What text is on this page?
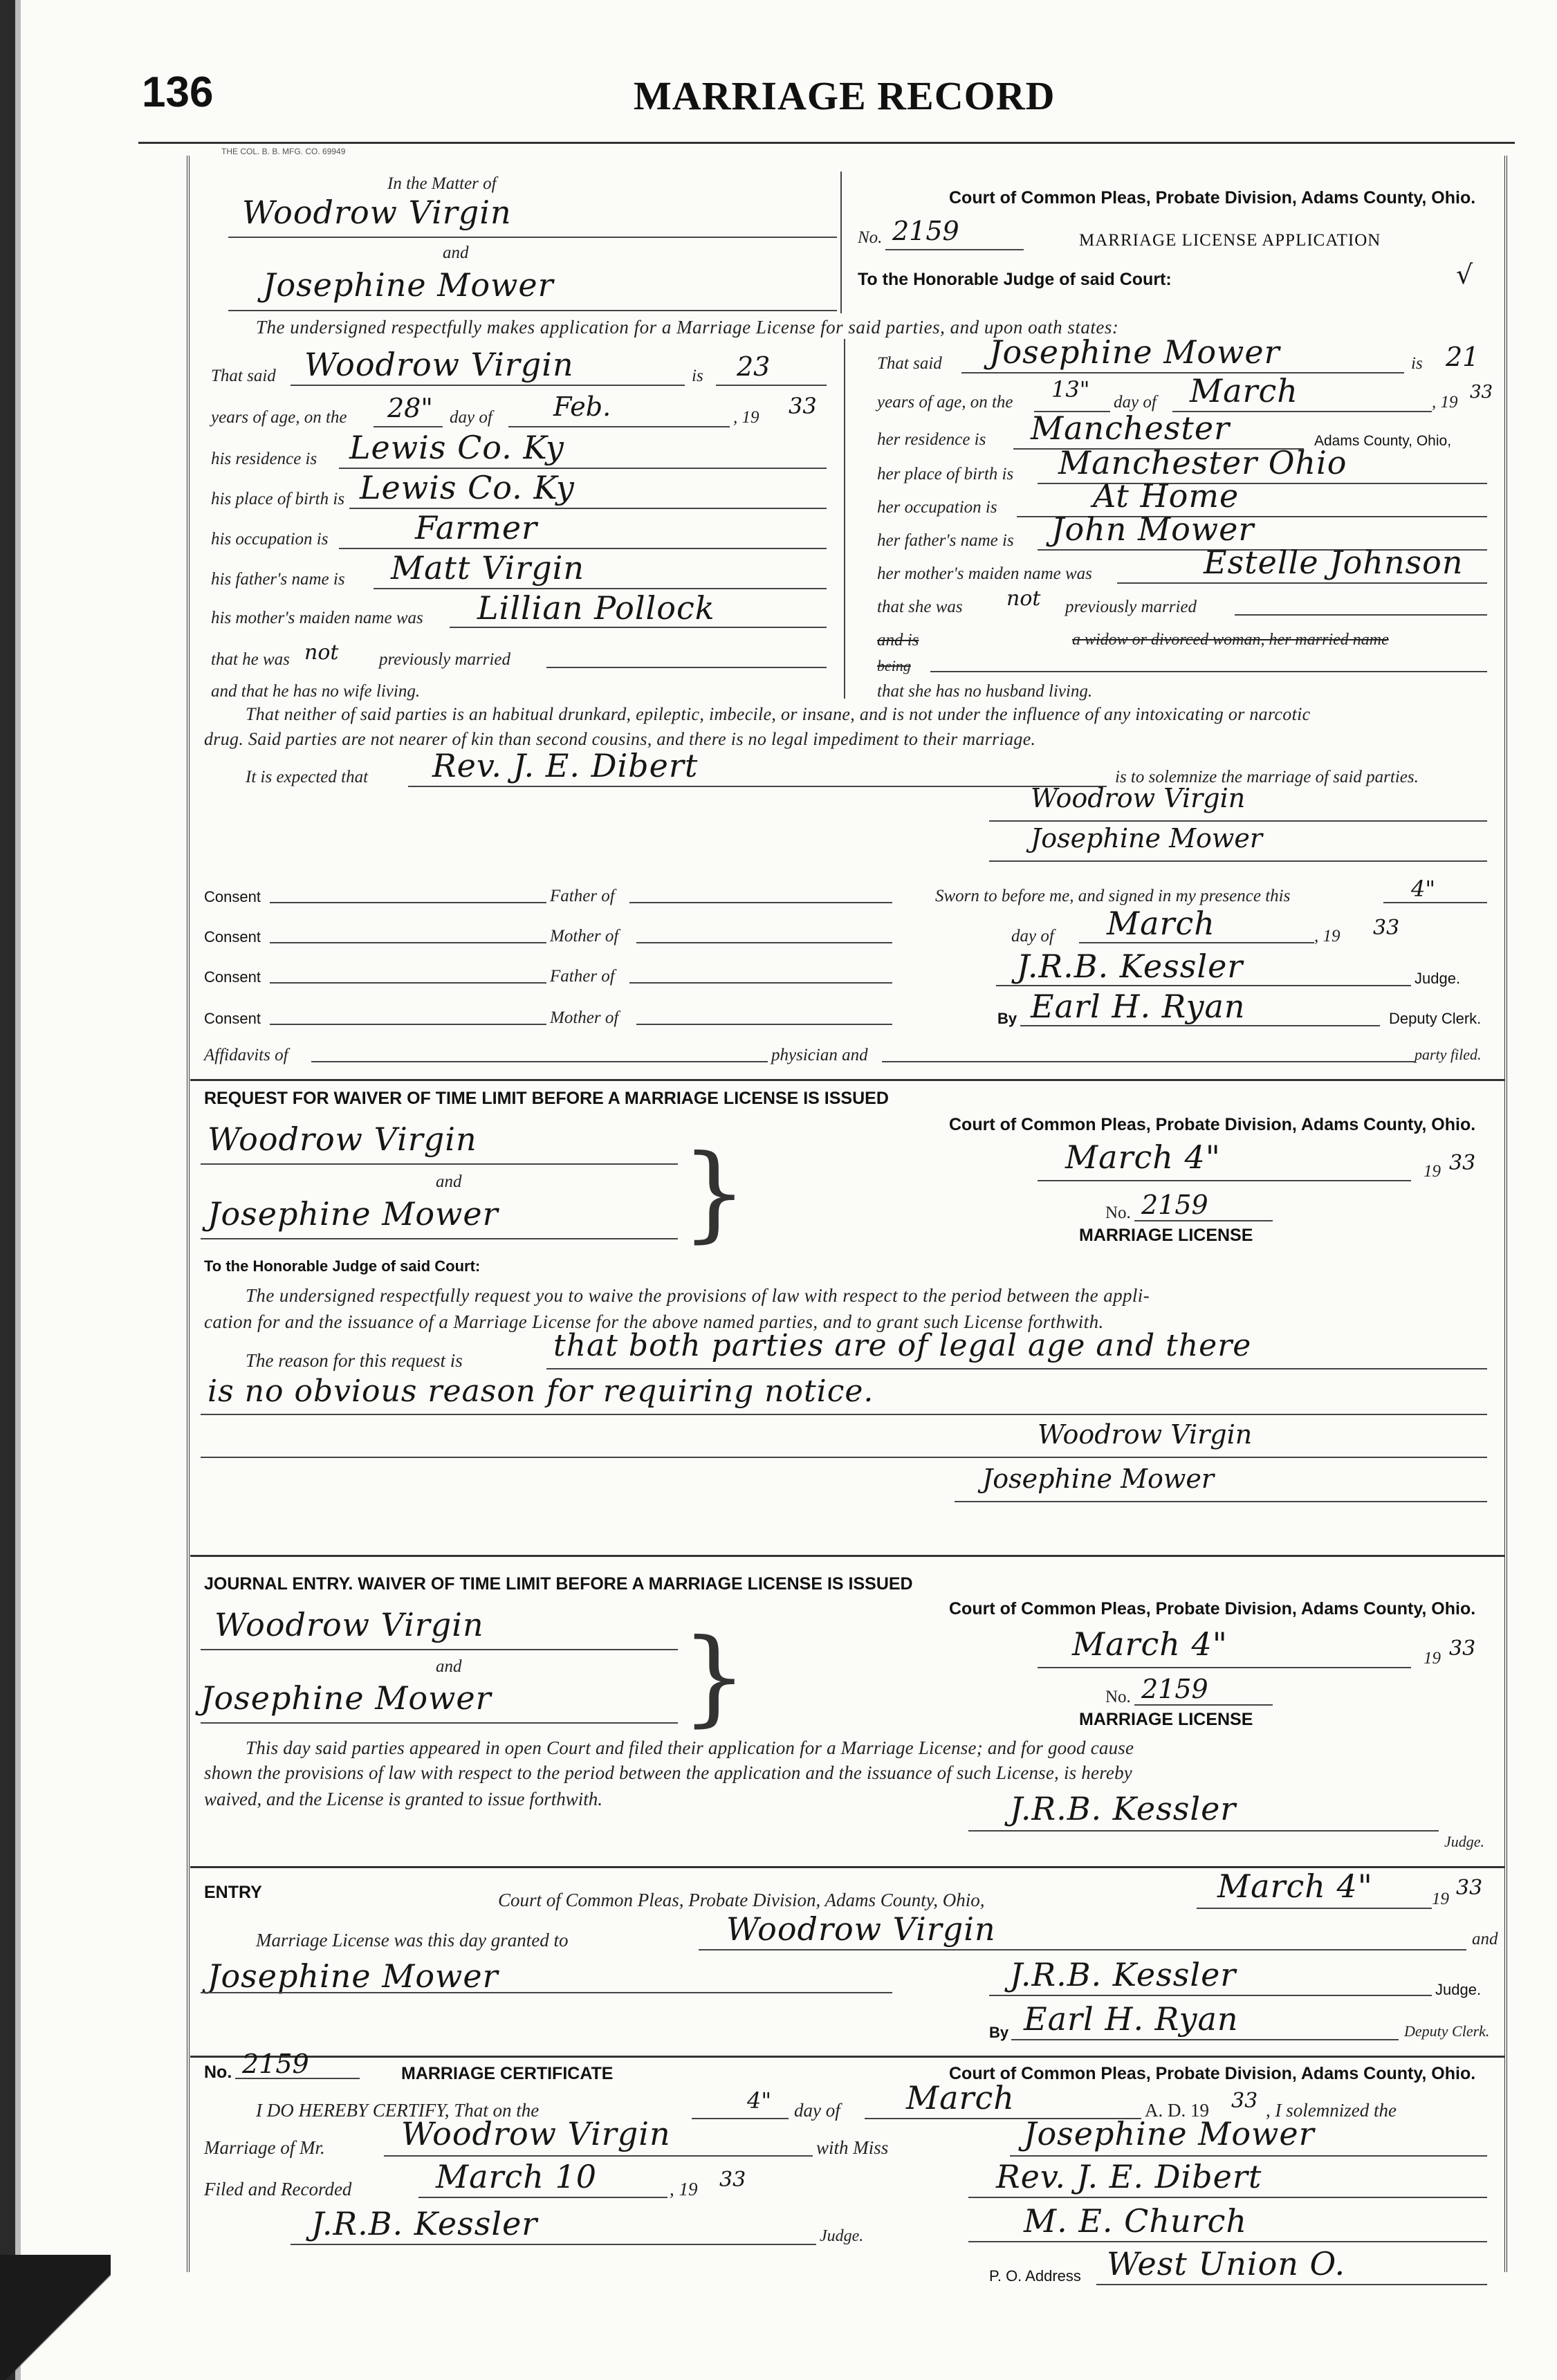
136	MARRIAGE RECORD
THE COL. B. B. MFG. CO. 69949
In the Matter of
Woodrow Virgin
and
Josephine Mower
Court of Common Pleas, Probate Division, Adams County, Ohio.
No. 2159	MARRIAGE LICENSE APPLICATION
To the Honorable Judge of said Court:	√
The undersigned respectfully makes application for a Marriage License for said parties, and upon oath states:
That said Woodrow Virgin	is 23
years of age, on the 28" day of Feb.	, 19 33
his residence is Lewis Co. Ky
his place of birth is Lewis Co. Ky
his occupation is	Farmer
his father's name is Matt Virgin
his mother's maiden name was Lillian Pollock
that he was not previously married
and that he has no wife living.
That said Josephine Mower	is 21
years of age, on the 13" day of March	, 19 33
her residence is Manchester	Adams County, Ohio,
her place of birth is Manchester Ohio
her occupation is	At Home
her father's name is John Mower
her mother's maiden name was	Estelle Johnson
that she was not previously married
and is	a widow or divorced woman, her married name
being
that she has no husband living.
That neither of said parties is an habitual drunkard, epileptic, imbecile, or insane, and is not under the influence of any intoxicating or narcotic
drug. Said parties are not nearer of kin than second cousins, and there is no legal impediment to their marriage.
It is expected that Rev. J. E. Dibert	is to solemnize the marriage of said parties.
Woodrow Virgin
Josephine Mower
Consent	Father of
Consent	Mother of
Consent	Father of
Consent	Mother of
Sworn to before me, and signed in my presence this	4"
day of March	, 19 33
J.R.B. Kessler	Judge.
By Earl H. Ryan	Deputy Clerk.
Affidavits of	physician and	party filed.
REQUEST FOR WAIVER OF TIME LIMIT BEFORE A MARRIAGE LICENSE IS ISSUED
Court of Common Pleas, Probate Division, Adams County, Ohio.
Woodrow Virgin
and
Josephine Mower }	March 4"	19 33
No. 2159
MARRIAGE LICENSE
To the Honorable Judge of said Court:
The undersigned respectfully request you to waive the provisions of law with respect to the period between the appli-
cation for and the issuance of a Marriage License for the above named parties, and to grant such License forthwith.
The reason for this request is	that both parties are of legal age and there
is no obvious reason for requiring notice.
Woodrow Virgin
Josephine Mower
JOURNAL ENTRY. WAIVER OF TIME LIMIT BEFORE A MARRIAGE LICENSE IS ISSUED
Court of Common Pleas, Probate Division, Adams County, Ohio.
Woodrow Virgin
and
Josephine Mower }	March 4"	19 33
No. 2159
MARRIAGE LICENSE
This day said parties appeared in open Court and filed their application for a Marriage License; and for good cause
shown the provisions of law with respect to the period between the application and the issuance of such License, is hereby
waived, and the License is granted to issue forthwith.	J.R.B. Kessler
Judge.
ENTRY	Court of Common Pleas, Probate Division, Adams County, Ohio,	March 4"	19 33
Marriage License was this day granted to	Woodrow Virgin	and
Josephine Mower	J.R.B. Kessler	Judge.
By Earl H. Ryan	Deputy Clerk.
No. 2159	MARRIAGE CERTIFICATE	Court of Common Pleas, Probate Division, Adams County, Ohio.
I DO HEREBY CERTIFY, That on the	4" day of March	A. D. 19 33 , I solemnized the
Marriage of Mr. Woodrow Virgin	with Miss	Josephine Mower
Filed and Recorded	March 10	, 19 33	Rev. J. E. Dibert
J.R.B. Kessler	Judge.	M. E. Church
P. O. Address West Union O.
